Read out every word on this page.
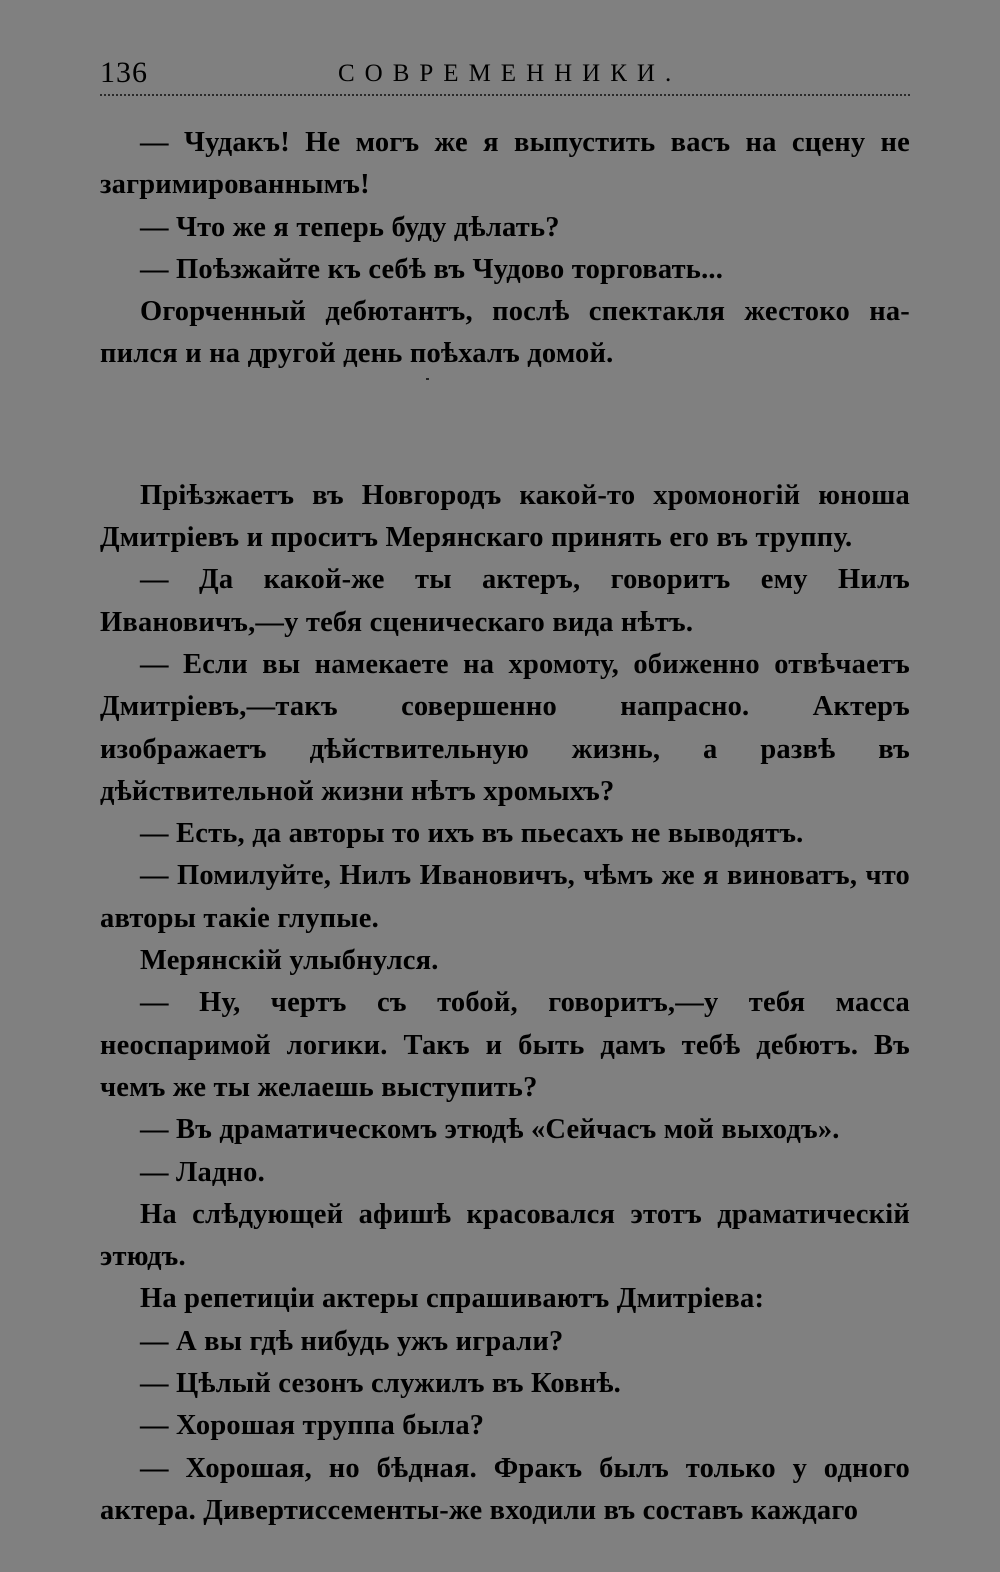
136	СОВРЕМЕННИКИ.

— Чудакъ! Не могъ же я выпустить васъ на сцену не загримированнымъ!

— Что же я теперь буду дѣлать?

— Поѣзжайте къ себѣ въ Чудово торговать...

Огорченный дебютантъ, послѣ спектакля жестоко на-пился и на другой день поѣхалъ домой.

Пріѣзжаетъ въ Новгородъ какой-то хромоногій юноша Дмитріевъ и проситъ Мерянскаго принять его въ труппу.

— Да какой-же ты актеръ, говоритъ ему Нилъ Ивановичъ,—у тебя сценическаго вида нѣтъ.

— Если вы намекаете на хромоту, обиженно отвѣчаетъ Дмитріевъ,—такъ совершенно напрасно. Актеръ изображаетъ дѣйствительную жизнь, а развѣ въ дѣйствительной жизни нѣтъ хромыхъ?

— Есть, да авторы то ихъ въ пьесахъ не выводятъ.

— Помилуйте, Нилъ Ивановичъ, чѣмъ же я виноватъ, что авторы такіе глупые.

Мерянскій улыбнулся.

— Ну, чертъ съ тобой, говоритъ,—у тебя масса неоспаримой логики. Такъ и быть дамъ тебѣ дебютъ. Въ чемъ же ты желаешь выступить?

— Въ драматическомъ этюдѣ «Сейчасъ мой выходъ».

— Ладно.

На слѣдующей афишѣ красовался этотъ драматическій этюдъ.

На репетиціи актеры спрашиваютъ Дмитріева:

— А вы гдѣ нибудь ужъ играли?

— Цѣлый сезонъ служилъ въ Ковнѣ.

— Хорошая труппа была?

— Хорошая, но бѣдная. Фракъ былъ только у одного актера. Дивертиссементы-же входили въ составъ каждаго
